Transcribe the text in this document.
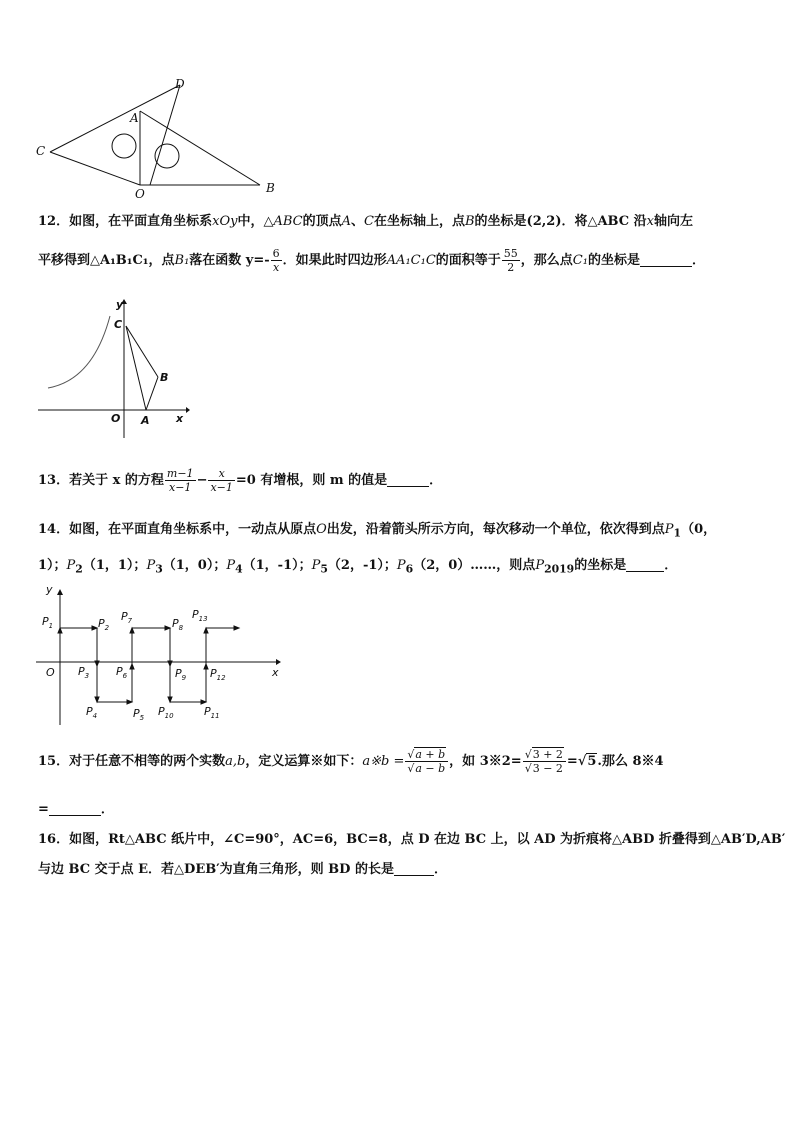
D
A
C
O	B
12．如图，在平面直角坐标系xOy中，△ABC的顶点A、C在坐标轴上，点B的坐标是(2,2)．将△ABC 沿x轴向左
平移得到△A₁B₁C₁，点B₁落在函数 $y=- \frac{6}{x}$ ．如果此时四边形AA₁C₁C的面积等于 $\frac{55}{2}$ ，那么点C₁的坐标是	．
y
C
B
O A x
13．若关于 x 的方程 $\frac{m-1}{x-1} - \frac{x}{x-1} =0$ 有增根，则 m 的值是	．
14．如图，在平面直角坐标系中，一动点从原点O出发，沿着箭头所示方向，每次移动一个单位，依次得到点$P_1(0$，
1）；$P_2(1$，1）；$P_3(1$，0）；$P_4(1$，-1）；$P_5(2$，-1）；$P_6(2$，0）……，则点$P_{2019}$的坐标是	．
y
O	x
$P_1$	$P_2$
$P_3$
$P_4$	$P_5$
$P_6$
$P_7$	$P_8$
$P_9$
$P_{10}$	$P_{11}$
$P_{12}$
$P_{13}$
15．对于任意不相等的两个实数a,b，定义运算※如下：a※b = $\frac{√a + b}{√a - b}$ ，如 3※2= $\frac{√3 + 2}{√3 - 2} =√5$.那么 8※4
=	．
16．如图，Rt△ABC 纸片中，∠C=90°，AC=6，BC=8，点 D 在边 BC 上，以 AD 为折痕将△ABD 折叠得到△AB′D,AB′
与边 BC 交于点 E．若△DEB′为直角三角形，则 BD 的长是	．
